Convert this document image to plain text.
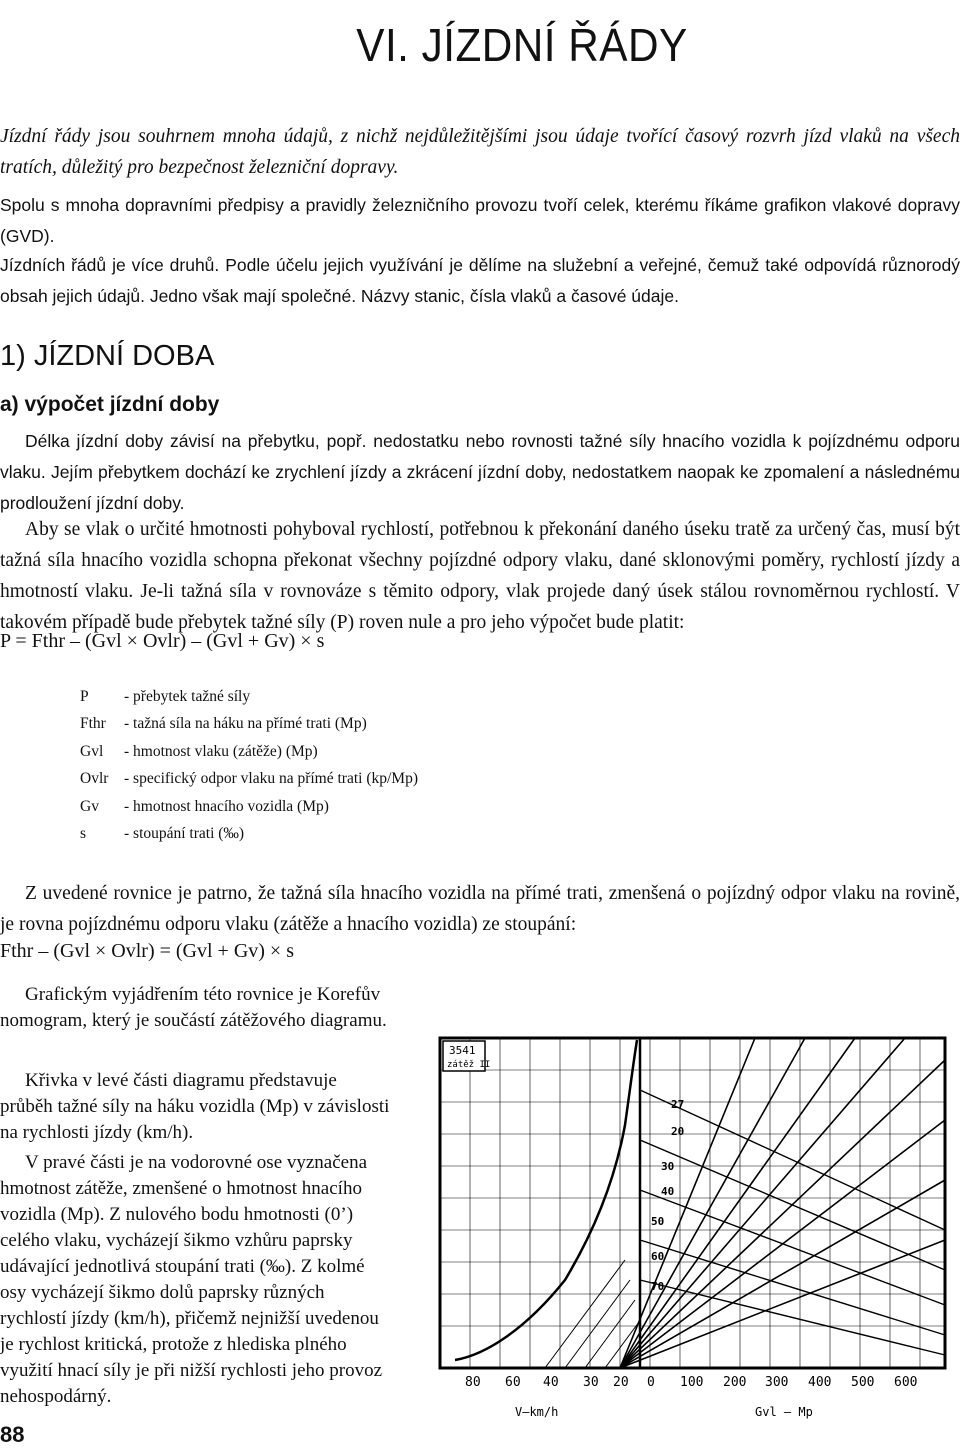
VI. JÍZDNÍ ŘÁDY

Jízdní řády jsou souhrnem mnoha údajů, z nichž nejdůležitějšími jsou údaje tvořící časový rozvrh jízd vlaků na všech tratích, důležitý pro bezpečnost železniční dopravy.

Spolu s mnoha dopravními předpisy a pravidly železničního provozu tvoří celek, kterému říkáme grafikon vlakové dopravy (GVD).

Jízdních řádů je více druhů. Podle účelu jejich využívání je dělíme na služební a veřejné, čemuž také odpovídá různorodý obsah jejich údajů. Jedno však mají společné. Názvy stanic, čísla vlaků a časové údaje.

1) JÍZDNÍ DOBA
a) výpočet jízdní doby

Délka jízdní doby závisí na přebytku, popř. nedostatku nebo rovnosti tažné síly hnacího vozidla k pojízdnému odporu vlaku. Jejím přebytkem dochází ke zrychlení jízdy a zkrácení jízdní doby, nedostatkem naopak ke zpomalení a následnému prodloužení jízdní doby.

Aby se vlak o určité hmotnosti pohyboval rychlostí, potřebnou k překonání daného úseku tratě za určený čas, musí být tažná síla hnacího vozidla schopna překonat všechny pojízdné odpory vlaku, dané sklonovými poměry, rychlostí jízdy a hmotností vlaku. Je-li tažná síla v rovnováze s těmito odpory, vlak projede daný úsek stálou rovnoměrnou rychlostí. V takovém případě bude přebytek tažné síly (P) roven nule a pro jeho výpočet bude platit:

P = Fthr – (Gvl × Ovlr) – (Gvl + Gv) × s
P	- přebytek tažné síly
Fthr	- tažná síla na háku na přímé trati (Mp)
Gvl	- hmotnost vlaku (zátěže) (Mp)
Ovlr	- specifický odpor vlaku na přímé trati (kp/Mp)
Gv	- hmotnost hnacího vozidla (Mp)
s	- stoupání trati (‰)

Z uvedené rovnice je patrno, že tažná síla hnacího vozidla na přímé trati, zmenšená o pojízdný odpor vlaku na rovině, je rovna pojízdnému odporu vlaku (zátěže a hnacího vozidla) ze stoupání:

Fthr – (Gvl × Ovlr) = (Gvl + Gv) × s

Grafickým vyjádřením této rovnice je Korefův nomogram, který je součástí zátěžového diagramu.

Křivka v levé části diagramu představuje průběh tažné síly na háku vozidla (Mp) v závislosti na rychlosti jízdy (km/h).

V pravé části je na vodorovné ose vyznačena hmotnost zátěže, zmenšené o hmotnost hnacího vozidla (Mp). Z nulového bodu hmotnosti (0’) celého vlaku, vycházejí šikmo vzhůru paprsky udávající jednotlivá stoupání trati (‰). Z kolmé osy vycházejí šikmo dolů paprsky různých rychlostí jízdy (km/h), přičemž nejnižší uvedenou je rychlost kritická, protože z hlediska plného využití hnací síly je při nižší rychlosti jeho provoz nehospodárný.

88
3541
zátěž II
27
20
30
40
50
60
70
80 60 40 30 20 0 100 200 300 400 500 600
V–km/h	Gvl – Mp
